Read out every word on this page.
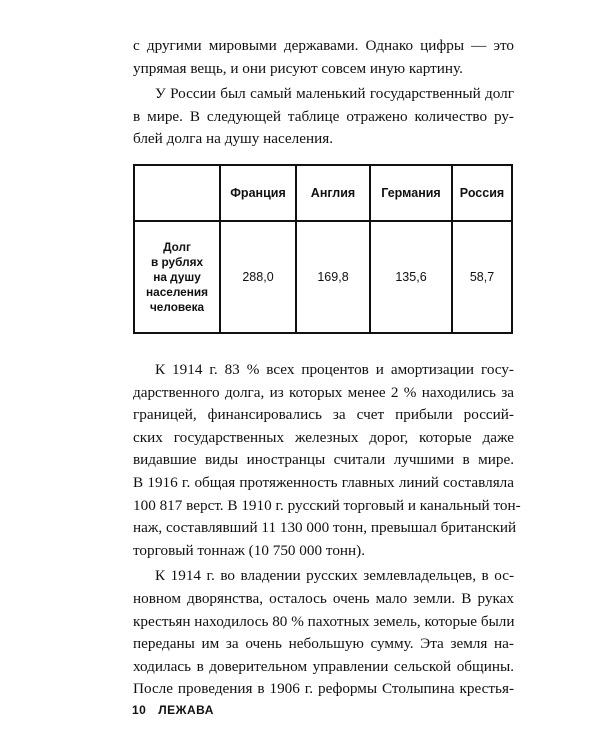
с другими мировыми державами. Однако цифры — это
упрямая вещь, и они рисуют совсем иную картину.

У России был самый маленький государственный долг
в мире. В следующей таблице отражено количество ру-
блей долга на душу населения.

	Франция	Англия	Германия	Россия

Долг
в рублях
на душу
населения
человека	288,0	169,8	135,6	58,7

К 1914 г. 83 % всех процентов и амортизации госу-
дарственного долга, из которых менее 2 % находились за
границей, финансировались за счет прибыли россий-
ских государственных железных дорог, которые даже
видавшие виды иностранцы считали лучшими в мире.
В 1916 г. общая протяженность главных линий составляла
100 817 верст. В 1910 г. русский торговый и канальный тон-
наж, составлявший 11 130 000 тонн, превышал британский
торговый тоннаж (10 750 000 тонн).

К 1914 г. во владении русских землевладельцев, в ос-
новном дворянства, осталось очень мало земли. В руках
крестьян находилось 80 % пахотных земель, которые были
переданы им за очень небольшую сумму. Эта земля на-
ходилась в доверительном управлении сельской общины.
После проведения в 1906 г. реформы Столыпина крестья-

10 ЛЕЖАВА
